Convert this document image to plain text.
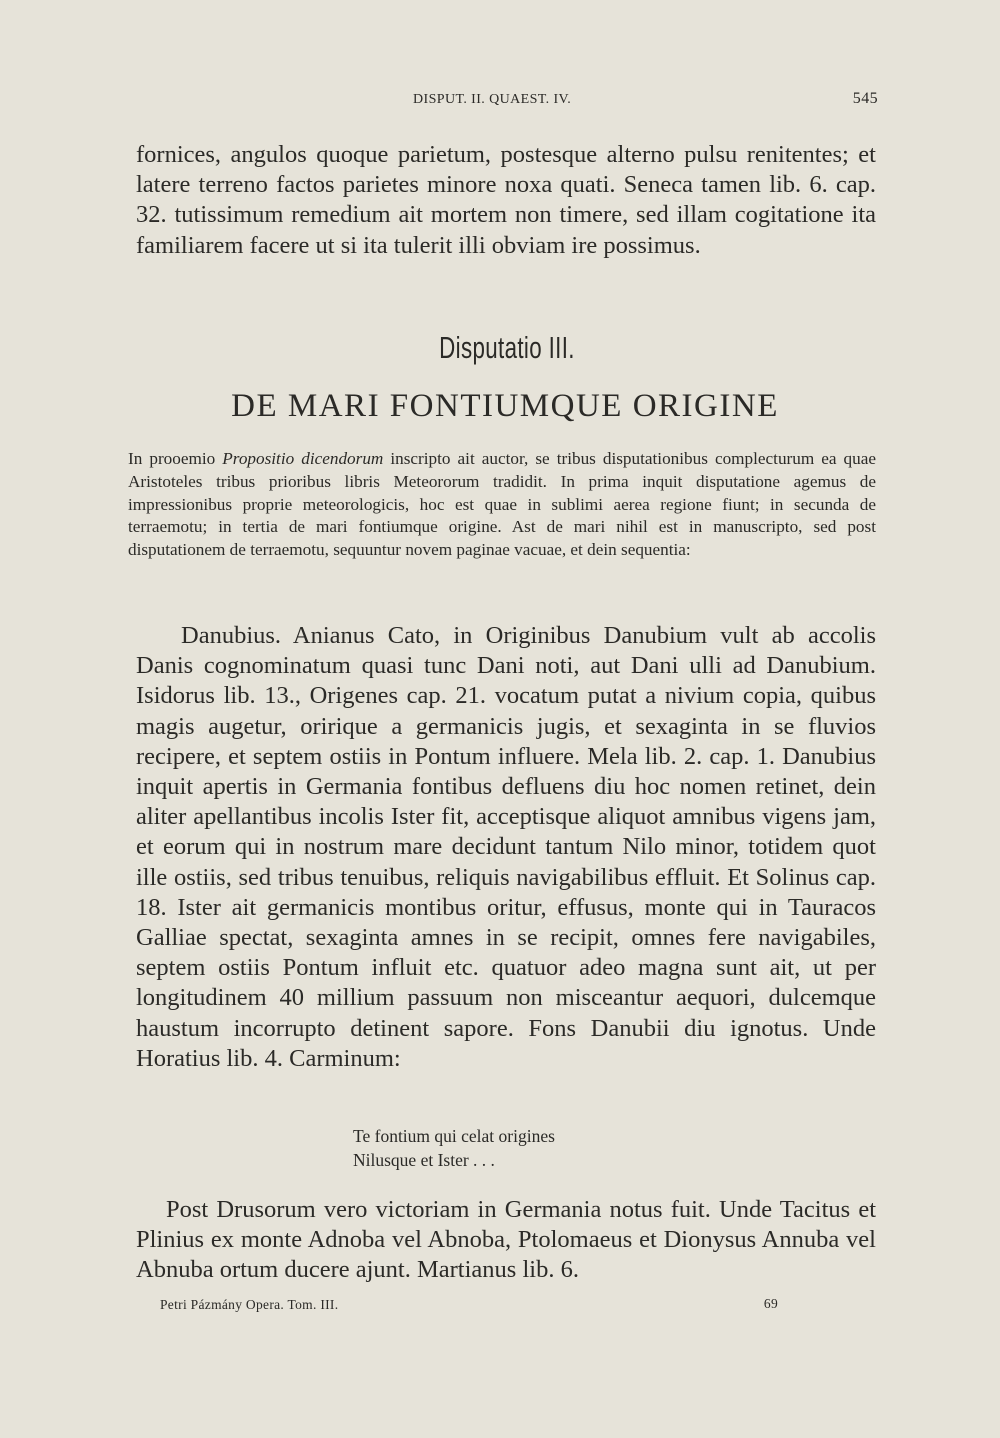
DISPUT. II. QUAEST. IV.	545

fornices, angulos quoque parietum, postesque alterno pulsu renitentes; et latere terreno factos parietes minore noxa quati. Seneca tamen lib. 6. cap. 32. tutissimum remedium ait mortem non timere, sed illam cogitatione ita familiarem facere ut si ita tulerit illi obviam ire possimus.

Disputatio III.
DE MARI FONTIUMQUE ORIGINE

In prooemio Propositio dicendorum inscripto ait auctor, se tribus disputationibus complecturum ea quae Aristoteles tribus prioribus libris Meteororum tradidit. In prima inquit disputatione agemus de impressionibus proprie meteorologicis, hoc est quae in sublimi aerea regione fiunt; in secunda de terraemotu; in tertia de mari fontiumque origine. Ast de mari nihil est in manuscripto, sed post disputationem de terraemotu, sequuntur novem paginae vacuae, et dein sequentia:

Danubius. Anianus Cato, in Originibus Danubium vult ab accolis Danis cognominatum quasi tunc Dani noti, aut Dani ulli ad Danubium. Isidorus lib. 13., Origenes cap. 21. vocatum putat a nivium copia, quibus magis augetur, oririque a germanicis jugis, et sexaginta in se fluvios recipere, et septem ostiis in Pontum influere. Mela lib. 2. cap. 1. Danubius inquit apertis in Germania fontibus defluens diu hoc nomen retinet, dein aliter apellantibus incolis Ister fit, acceptisque aliquot amnibus vigens jam, et eorum qui in nostrum mare decidunt tantum Nilo minor, totidem quot ille ostiis, sed tribus tenuibus, reliquis navigabilibus effluit. Et Solinus cap. 18. Ister ait germanicis montibus oritur, effusus, monte qui in Tauracos Galliae spectat, sexaginta amnes in se recipit, omnes fere navigabiles, septem ostiis Pontum influit etc. quatuor adeo magna sunt ait, ut per longitudinem 40 millium passuum non misceantur aequori, dulcemque haustum incorrupto detinent sapore. Fons Danubii diu ignotus. Unde Horatius lib. 4. Carminum:

Te fontium qui celat origines
Nilusque et Ister . . .

Post Drusorum vero victoriam in Germania notus fuit. Unde Tacitus et Plinius ex monte Adnoba vel Abnoba, Ptolomaeus et Dionysus Annuba vel Abnuba ortum ducere ajunt. Martianus lib. 6.

Petri Pázmány Opera. Tom. III.	69
